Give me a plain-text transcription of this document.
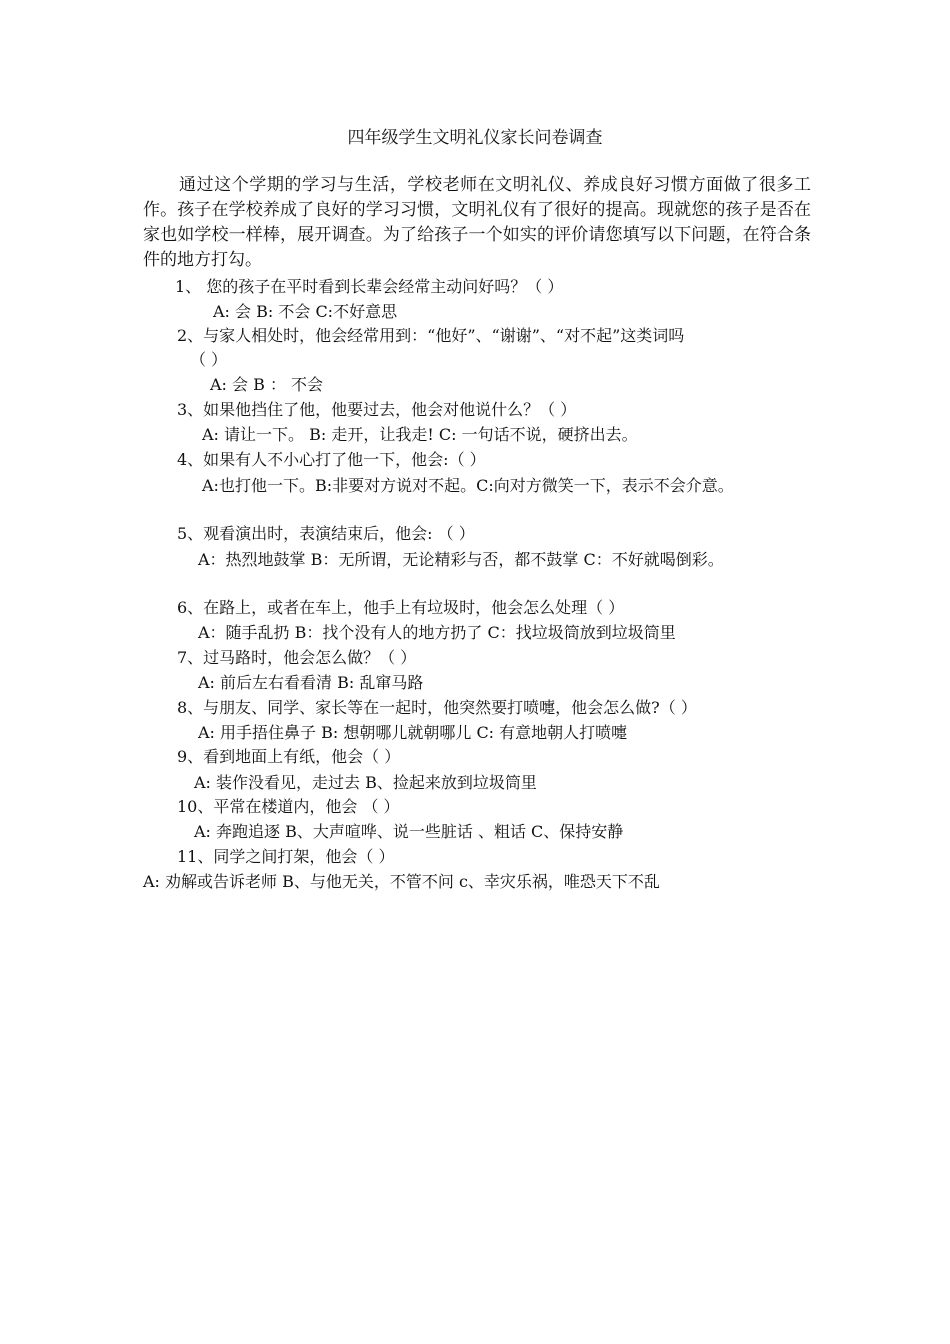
四年级学生文明礼仪家长问卷调查
通过这个学期的学习与生活，学校老师在文明礼仪、养成良好习惯方面做了很多工作。孩子在学校养成了良好的学习习惯，文明礼仪有了很好的提高。现就您的孩子是否在家也如学校一样棒，展开调查。为了给孩子一个如实的评价请您填写以下问题，在符合条件的地方打勾。
1、 您的孩子在平时看到长辈会经常主动问好吗？（ ）
A: 会 B: 不会 C:不好意思
2、与家人相处时，他会经常用到：“他好”、“谢谢”、“对不起”这类词吗
（ ）
A: 会 B ： 不会
3、如果他挡住了他，他要过去，他会对他说什么？（ ）
A: 请让一下。 B: 走开，让我走! C: 一句话不说，硬挤出去。
4、如果有人不小心打了他一下，他会:（ ）
A:也打他一下。B:非要对方说对不起。C:向对方微笑一下，表示不会介意。
5、观看演出时，表演结束后，他会: （ ）
A：热烈地鼓掌 B：无所谓，无论精彩与否，都不鼓掌 C：不好就喝倒彩。
6、在路上，或者在车上，他手上有垃圾时，他会怎么处理（ ）
A：随手乱扔 B：找个没有人的地方扔了 C：找垃圾筒放到垃圾筒里
7、过马路时，他会怎么做？（ ）
A: 前后左右看看清 B: 乱窜马路
8、与朋友、同学、家长等在一起时，他突然要打喷嚏，他会怎么做?（ ）
A: 用手捂住鼻子 B: 想朝哪儿就朝哪儿 C: 有意地朝人打喷嚏
9、看到地面上有纸，他会（ ）
A: 装作没看见，走过去 B、捡起来放到垃圾筒里
10、平常在楼道内，他会 （ ）
A: 奔跑追逐 B、大声喧哗、说一些脏话 、粗话 C、保持安静
11、同学之间打架，他会（ ）
A: 劝解或告诉老师 B、与他无关，不管不问 c、幸灾乐祸，唯恐天下不乱
